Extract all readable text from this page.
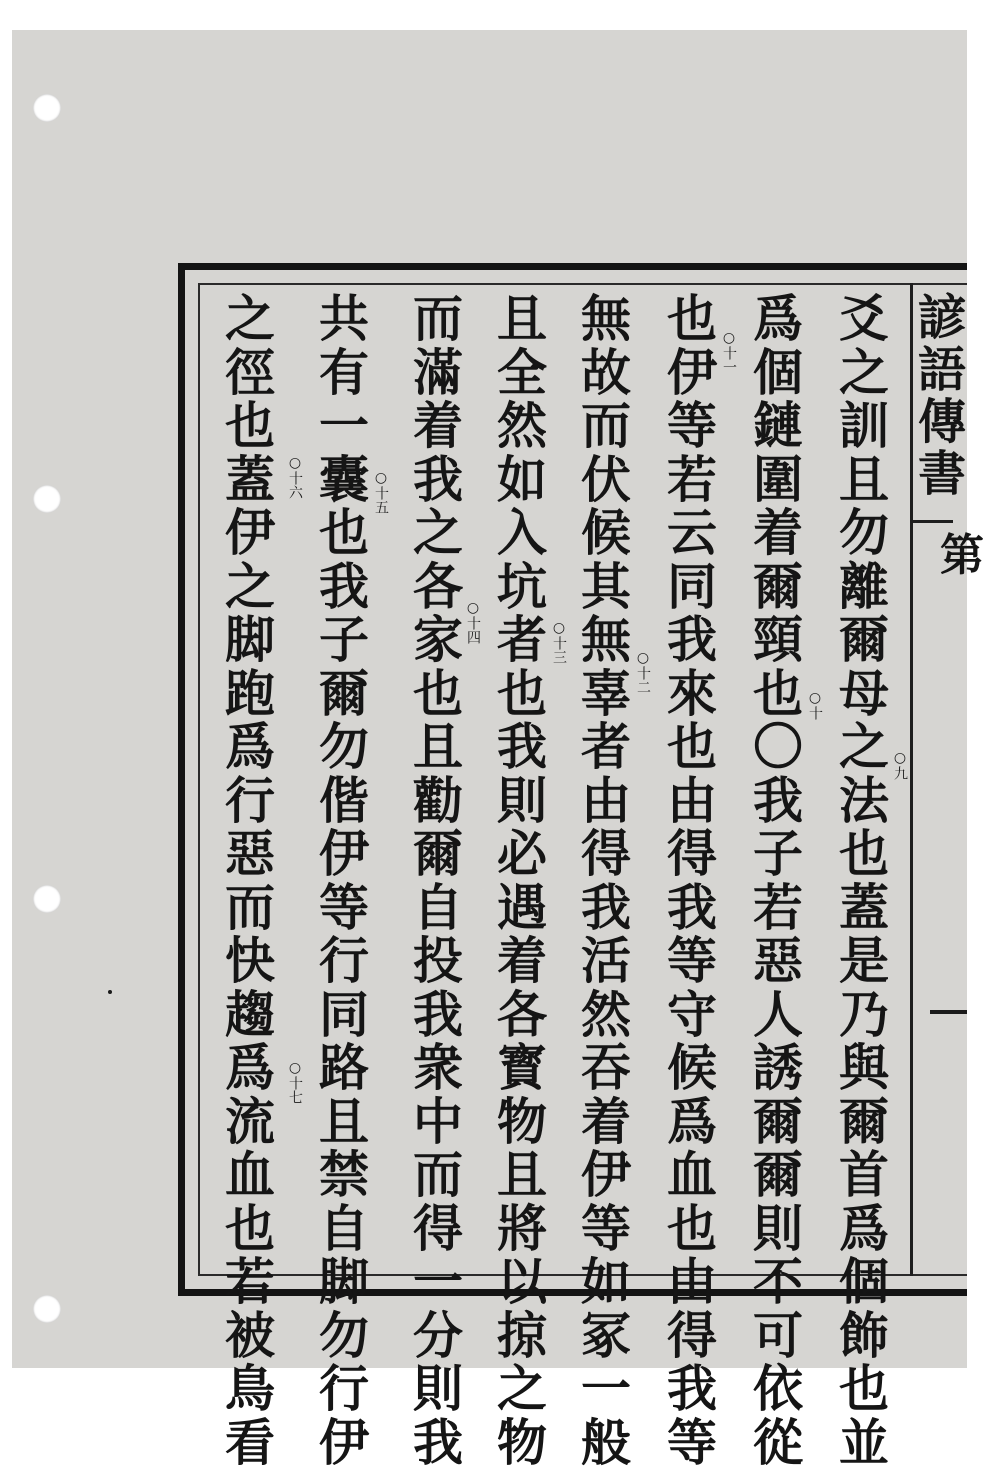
諺
語
傳
書
第
爻
之
訓
且
勿
離
爾
母
之
法
也
蓋
是
乃
與
爾
首
爲
個
飾
也
並
爲
個
鏈
圍
着
爾
頸
也
〇
我
子
若
惡
人
誘
爾
爾
則
不
可
依
從
也
伊
等
若
云
同
我
來
也
由
得
我
等
守
候
爲
血
也
由
得
我
等
無
故
而
伏
候
其
無
辜
者
由
得
我
活
然
吞
着
伊
等
如
冢
一
般
且
全
然
如
入
坑
者
也
我
則
必
遇
着
各
寳
物
且
將
以
掠
之
物
而
滿
着
我
之
各
家
也
且
勸
爾
自
投
我
衆
中
而
得
一
分
則
我
共
有
一
囊
也
我
子
爾
勿
偕
伊
等
行
同
路
且
禁
自
脚
勿
行
伊
之
徑
也
蓋
伊
之
脚
跑
爲
行
惡
而
快
趨
爲
流
血
也
若
被
鳥
看
○九
○十
○十一
○十二
○十三
○十四
○十五
○十六
○十七
